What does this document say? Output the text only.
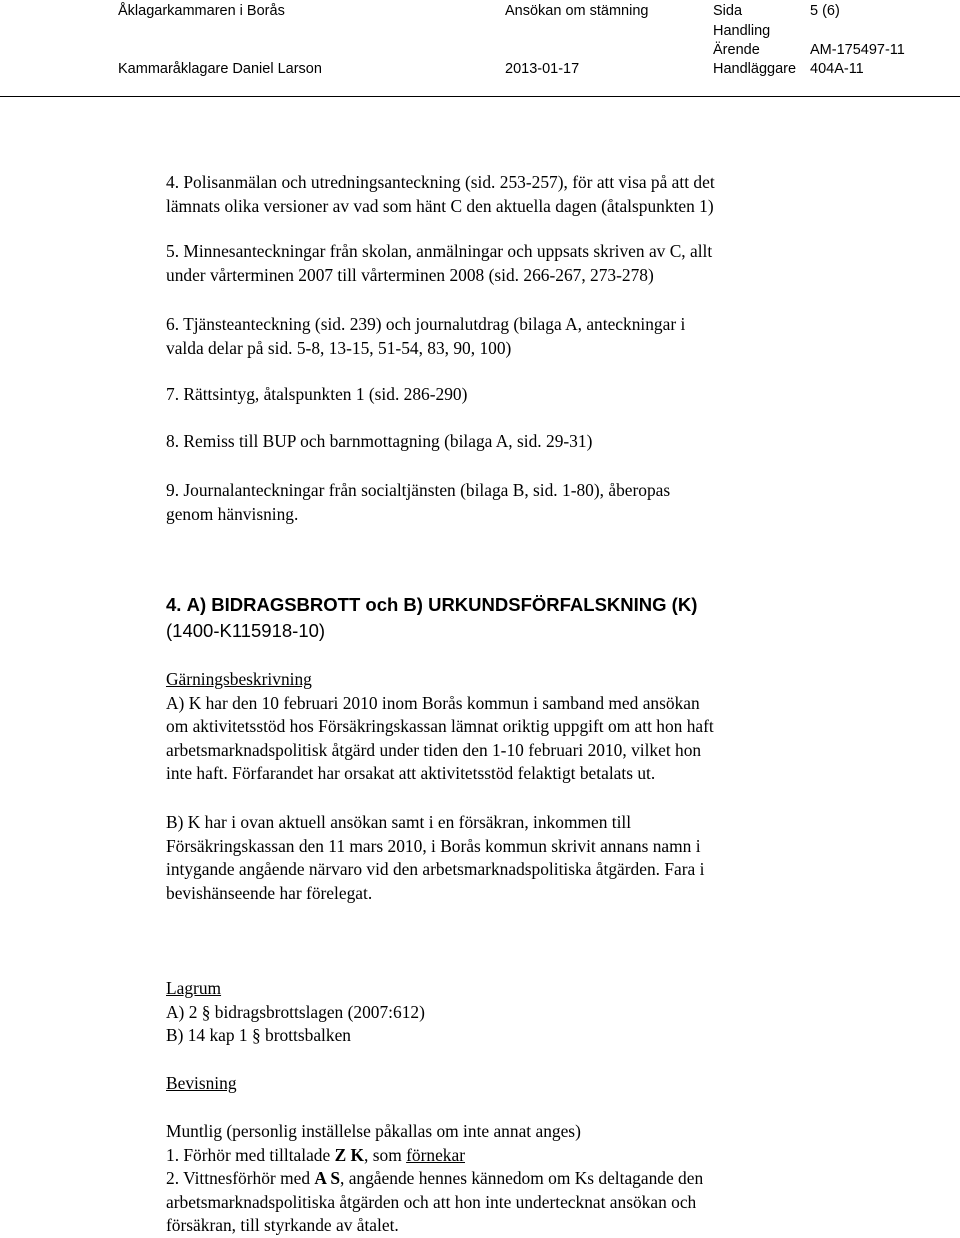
Åklagarkammaren i Borås	Ansökan om stämning	Sida	5 (6)
Handling
Ärende	AM-175497-11
Kammaråklagare Daniel Larson	2013-01-17	Handläggare 404A-11
4. Polisanmälan och utredningsanteckning (sid. 253-257), för att visa på att det
lämnats olika versioner av vad som hänt C den aktuella dagen (åtalspunkten 1)
5. Minnesanteckningar från skolan, anmälningar och uppsats skriven av C, allt
under vårterminen 2007 till vårterminen 2008 (sid. 266-267, 273-278)
6. Tjänsteanteckning (sid. 239) och journalutdrag (bilaga A, anteckningar i
valda delar på sid. 5-8, 13-15, 51-54, 83, 90, 100)
7. Rättsintyg, åtalspunkten 1 (sid. 286-290)
8. Remiss till BUP och barnmottagning (bilaga A, sid. 29-31)
9. Journalanteckningar från socialtjänsten (bilaga B, sid. 1-80), åberopas
genom hänvisning.
4. A) BIDRAGSBROTT och B) URKUNDSFÖRFALSKNING (K)
(1400-K115918-10)
Gärningsbeskrivning
A) K har den 10 februari 2010 inom Borås kommun i samband med ansökan
om aktivitetsstöd hos Försäkringskassan lämnat oriktig uppgift om att hon haft
arbetsmarknadspolitisk åtgärd under tiden den 1-10 februari 2010, vilket hon
inte haft. Förfarandet har orsakat att aktivitetsstöd felaktigt betalats ut.
B) K har i ovan aktuell ansökan samt i en försäkran, inkommen till
Försäkringskassan den 11 mars 2010, i Borås kommun skrivit annans namn i
intygande angående närvaro vid den arbetsmarknadspolitiska åtgärden. Fara i
bevishänseende har förelegat.
Lagrum
A) 2 § bidragsbrottslagen (2007:612)
B) 14 kap 1 § brottsbalken
Bevisning
Muntlig (personlig inställelse påkallas om inte annat anges)
1. Förhör med tilltalade Z K, som förnekar
2. Vittnesförhör med A S, angående hennes kännedom om Ks deltagande den
arbetsmarknadspolitiska åtgärden och att hon inte undertecknat ansökan och
försäkran, till styrkande av åtalet.
